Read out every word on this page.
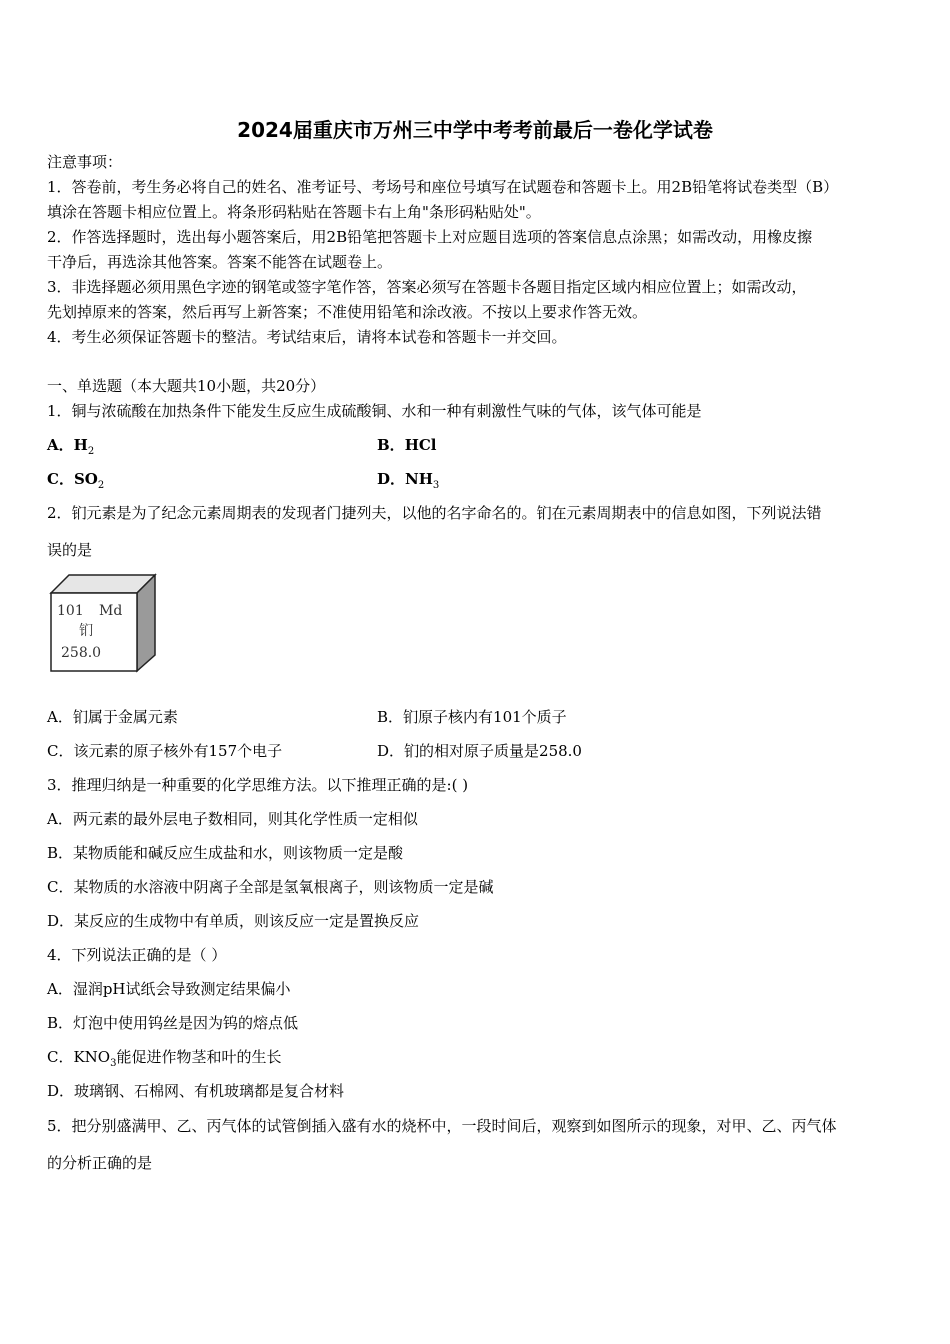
2024届重庆市万州三中学中考考前最后一卷化学试卷
注意事项：
1．答卷前，考生务必将自己的姓名、准考证号、考场号和座位号填写在试题卷和答题卡上。用2B铅笔将试卷类型（B）
填涂在答题卡相应位置上。将条形码粘贴在答题卡右上角"条形码粘贴处"。
2．作答选择题时，选出每小题答案后，用2B铅笔把答题卡上对应题目选项的答案信息点涂黑；如需改动，用橡皮擦
干净后，再选涂其他答案。答案不能答在试题卷上。
3．非选择题必须用黑色字迹的钢笔或签字笔作答，答案必须写在答题卡各题目指定区域内相应位置上；如需改动，
先划掉原来的答案，然后再写上新答案；不准使用铅笔和涂改液。不按以上要求作答无效。
4．考生必须保证答题卡的整洁。考试结束后，请将本试卷和答题卡一并交回。
一、单选题（本大题共10小题，共20分）
1．铜与浓硫酸在加热条件下能发生反应生成硫酸铜、水和一种有刺激性气味的气体，该气体可能是
A．$H_2$	B．HCl
C．$SO_2$	D．$NH_3$
2．钔元素是为了纪念元素周期表的发现者门捷列夫，以他的名字命名的。钔在元素周期表中的信息如图，下列说法错
误的是
101 Md
钔
258.0
A．钔属于金属元素	B．钔原子核内有101个质子
C．该元素的原子核外有157个电子	D．钔的相对原子质量是258.0
3．推理归纳是一种重要的化学思维方法。以下推理正确的是:( )
A．两元素的最外层电子数相同，则其化学性质一定相似
B．某物质能和碱反应生成盐和水，则该物质一定是酸
C．某物质的水溶液中阴离子全部是氢氧根离子，则该物质一定是碱
D．某反应的生成物中有单质，则该反应一定是置换反应
4．下列说法正确的是（ ）
A．湿润pH试纸会导致测定结果偏小
B．灯泡中使用钨丝是因为钨的熔点低
C．$KNO_3$能促进作物茎和叶的生长
D．玻璃钢、石棉网、有机玻璃都是复合材料
5．把分别盛满甲、乙、丙气体的试管倒插入盛有水的烧杯中，一段时间后，观察到如图所示的现象，对甲、乙、丙气体
的分析正确的是
